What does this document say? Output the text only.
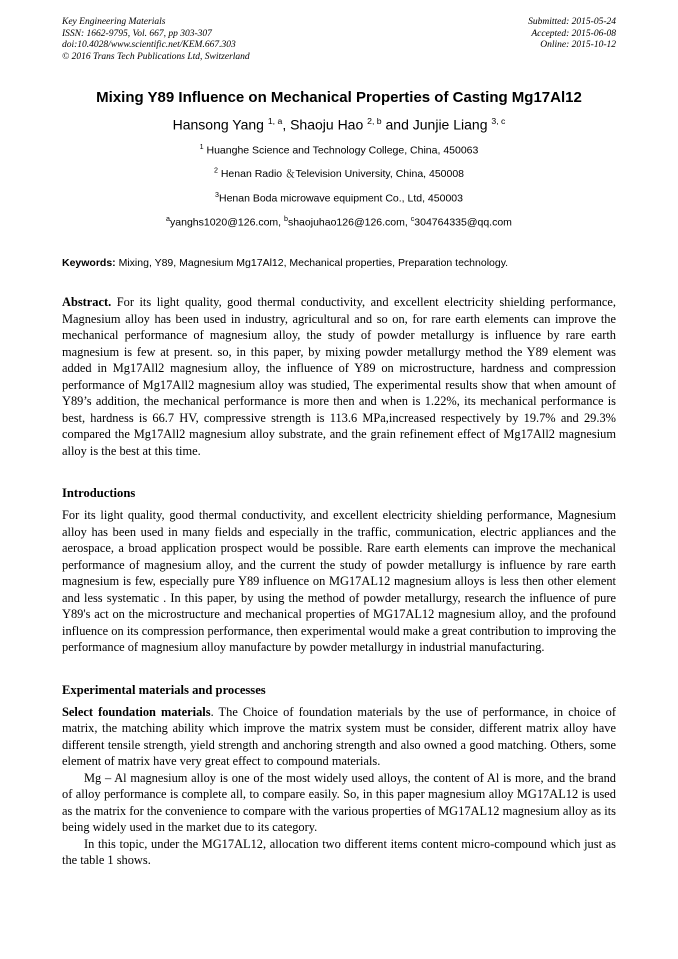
Key Engineering Materials
ISSN: 1662-9795, Vol. 667, pp 303-307
doi:10.4028/www.scientific.net/KEM.667.303
© 2016 Trans Tech Publications Ltd, Switzerland
Submitted: 2015-05-24
Accepted: 2015-06-08
Online: 2015-10-12
Mixing Y89 Influence on Mechanical Properties of Casting Mg17Al12
Hansong Yang $^{1, a}$, Shaoju Hao $^{2, b}$ and Junjie Liang $^{3, c}$
$^1$ Huanghe Science and Technology College, China, 450063
$^2$ Henan Radio ＆Television University, China, 450008
$^3$Henan Boda microwave equipment Co., Ltd, 450003
$^a$yanghs1020@126.com, $^b$shaojuhao126@126.com, $^c$304764335@qq.com
Keywords: Mixing, Y89, Magnesium Mg17Al12, Mechanical properties, Preparation technology.

Abstract. For its light quality, good thermal conductivity, and excellent electricity shielding performance, Magnesium alloy has been used in industry, agricultural and so on, for rare earth elements can improve the mechanical performance of magnesium alloy, the study of powder metallurgy is influence by rare earth magnesium is few at present. so, in this paper, by mixing powder metallurgy method the Y89 element was added in Mg17All2 magnesium alloy, the influence of Y89 on microstructure, hardness and compression performance of Mg17All2 magnesium alloy was studied, The experimental results show that when amount of Y89’s addition, the mechanical performance is more then and when is 1.22%, its mechanical performance is best, hardness is 66.7 HV, compressive strength is 113.6 MPa,increased respectively by 19.7% and 29.3% compared the Mg17All2 magnesium alloy substrate, and the grain refinement effect of Mg17All2 magnesium alloy is the best at this time.

Introductions

For its light quality, good thermal conductivity, and excellent electricity shielding performance, Magnesium alloy has been used in many fields and especially in the traffic, communication, electric appliances and the aerospace, a broad application prospect would be possible. Rare earth elements can improve the mechanical performance of magnesium alloy, and the current the study of powder metallurgy is influence by rare earth magnesium is few, especially pure Y89 influence on MG17AL12 magnesium alloys is less then other element and less systematic . In this paper, by using the method of powder metallurgy, research the influence of pure Y89's act on the microstructure and mechanical properties of MG17AL12 magnesium alloy, and the profound influence on its compression performance, then experimental would make a great contribution to improving the performance of magnesium alloy manufacture by powder metallurgy in industrial manufacturing.

Experimental materials and processes

Select foundation materials. The Choice of foundation materials by the use of performance, in choice of matrix, the matching ability which improve the matrix system must be consider, different matrix alloy have different tensile strength, yield strength and anchoring strength and also owned a good matching. Others, some element of matrix have very great effect to compound materials.

Mg – Al magnesium alloy is one of the most widely used alloys, the content of Al is more, and the brand of alloy performance is complete all, to compare easily. So, in this paper magnesium alloy MG17AL12 is used as the matrix for the convenience to compare with the various properties of MG17AL12 magnesium alloy as its being widely used in the market due to its category.

In this topic, under the MG17AL12, allocation two different items content micro-compound which just as the table 1 shows.
